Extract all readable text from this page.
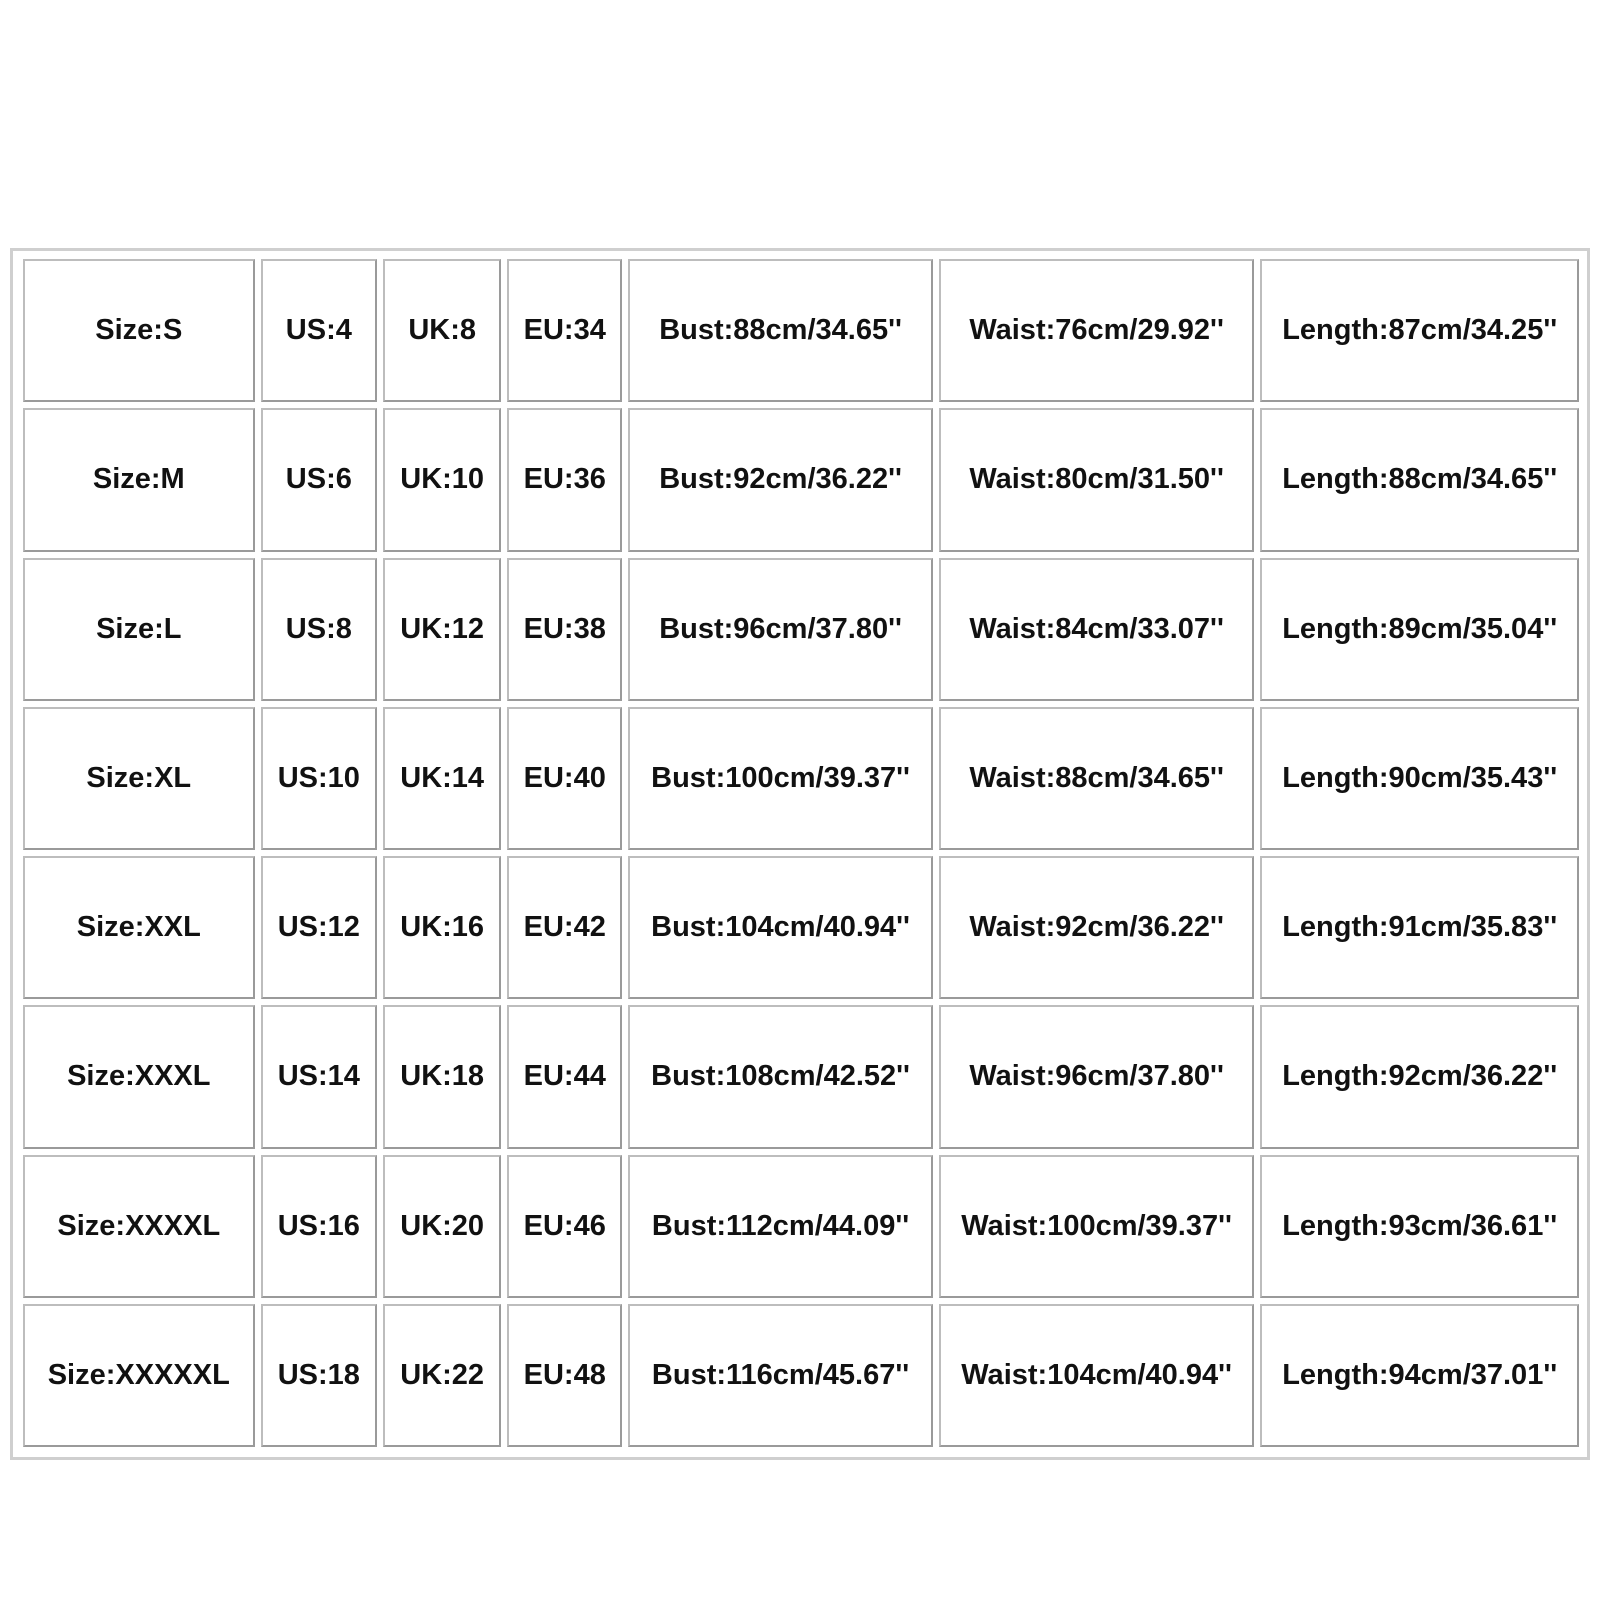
Size:S	US:4	UK:8	EU:34	Bust:88cm/34.65''	Waist:76cm/29.92''	Length:87cm/34.25''
Size:M	US:6	UK:10	EU:36	Bust:92cm/36.22''	Waist:80cm/31.50''	Length:88cm/34.65''
Size:L	US:8	UK:12	EU:38	Bust:96cm/37.80''	Waist:84cm/33.07''	Length:89cm/35.04''
Size:XL	US:10	UK:14	EU:40	Bust:100cm/39.37''	Waist:88cm/34.65''	Length:90cm/35.43''
Size:XXL	US:12	UK:16	EU:42	Bust:104cm/40.94''	Waist:92cm/36.22''	Length:91cm/35.83''
Size:XXXL	US:14	UK:18	EU:44	Bust:108cm/42.52''	Waist:96cm/37.80''	Length:92cm/36.22''
Size:XXXXL	US:16	UK:20	EU:46	Bust:112cm/44.09''	Waist:100cm/39.37''	Length:93cm/36.61''
Size:XXXXXL	US:18	UK:22	EU:48	Bust:116cm/45.67''	Waist:104cm/40.94''	Length:94cm/37.01''
